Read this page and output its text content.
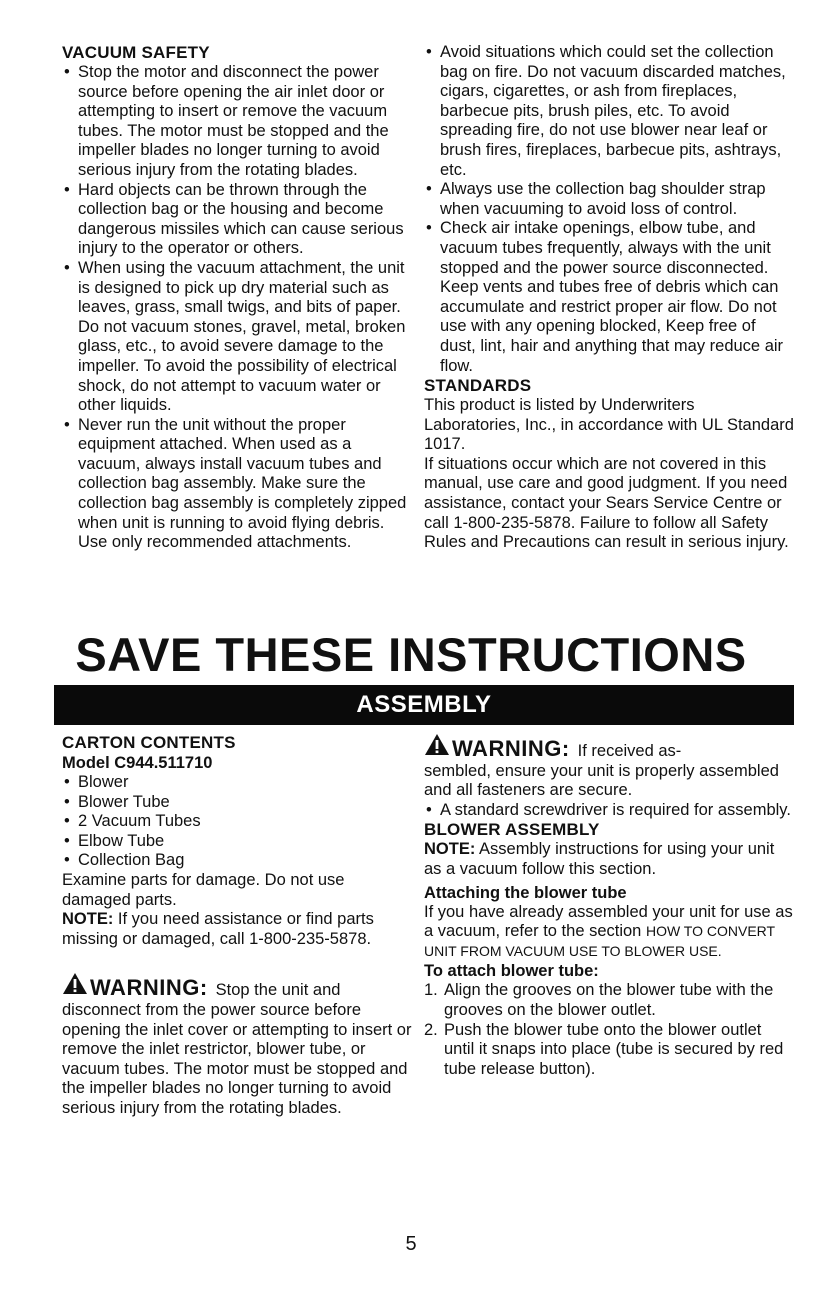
VACUUM SAFETY
• Stop the motor and disconnect the power source before opening the air inlet door or attempting to insert or remove the vacuum tubes. The motor must be stopped and the impeller blades no longer turning to avoid serious injury from the rotating blades.
• Hard objects can be thrown through the collection bag or the housing and become dangerous missiles which can cause serious injury to the operator or others.
• When using the vacuum attachment, the unit is designed to pick up dry material such as leaves, grass, small twigs, and bits of paper. Do not vacuum stones, gravel, metal, broken glass, etc., to avoid severe damage to the impeller. To avoid the possibility of electrical shock, do not attempt to vacuum water or other liquids.
• Never run the unit without the proper equipment attached. When used as a vacuum, always install vacuum tubes and collection bag assembly. Make sure the collection bag assembly is completely zipped when unit is running to avoid flying debris. Use only recommended attachments.
• Avoid situations which could set the collection bag on fire. Do not vacuum discarded matches, cigars, cigarettes, or ash from fireplaces, barbecue pits, brush piles, etc. To avoid spreading fire, do not use blower near leaf or brush fires, fireplaces, barbecue pits, ashtrays, etc.
• Always use the collection bag shoulder strap when vacuuming to avoid loss of control.
• Check air intake openings, elbow tube, and vacuum tubes frequently, always with the unit stopped and the power source disconnected. Keep vents and tubes free of debris which can accumulate and restrict proper air flow. Do not use with any opening blocked, Keep free of dust, lint, hair and anything that may reduce air flow.
STANDARDS

This product is listed by Underwriters Laboratories, Inc., in accordance with UL Standard 1017.

If situations occur which are not covered in this manual, use care and good judgment. If you need assistance, contact your Sears Service Centre or call 1-800-235-5878. Failure to follow all Safety Rules and Precautions can result in serious injury.

SAVE THESE INSTRUCTIONS
ASSEMBLY
CARTON CONTENTS
Model C944.511710
• Blower
• Blower Tube
• 2 Vacuum Tubes
• Elbow Tube
• Collection Bag

Examine parts for damage. Do not use damaged parts.

NOTE: If you need assistance or find parts missing or damaged, call 1-800-235-5878.

WARNING: Stop the unit and

disconnect from the power source before opening the inlet cover or attempting to insert or remove the inlet restrictor, blower tube, or vacuum tubes. The motor must be stopped and the impeller blades no longer turning to avoid serious injury from the rotating blades.

WARNING: If received as-

sembled, ensure your unit is properly assembled and all fasteners are secure.

• A standard screwdriver is required for assembly.
BLOWER ASSEMBLY

NOTE: Assembly instructions for using your unit as a vacuum follow this section.

Attaching the blower tube

If you have already assembled your unit for use as a vacuum, refer to the section HOW TO CONVERT UNIT FROM VACUUM USE TO BLOWER USE.

To attach blower tube:
1. Align the grooves on the blower tube with the grooves on the blower outlet.
2. Push the blower tube onto the blower outlet until it snaps into place (tube is secured by red tube release button).
5
